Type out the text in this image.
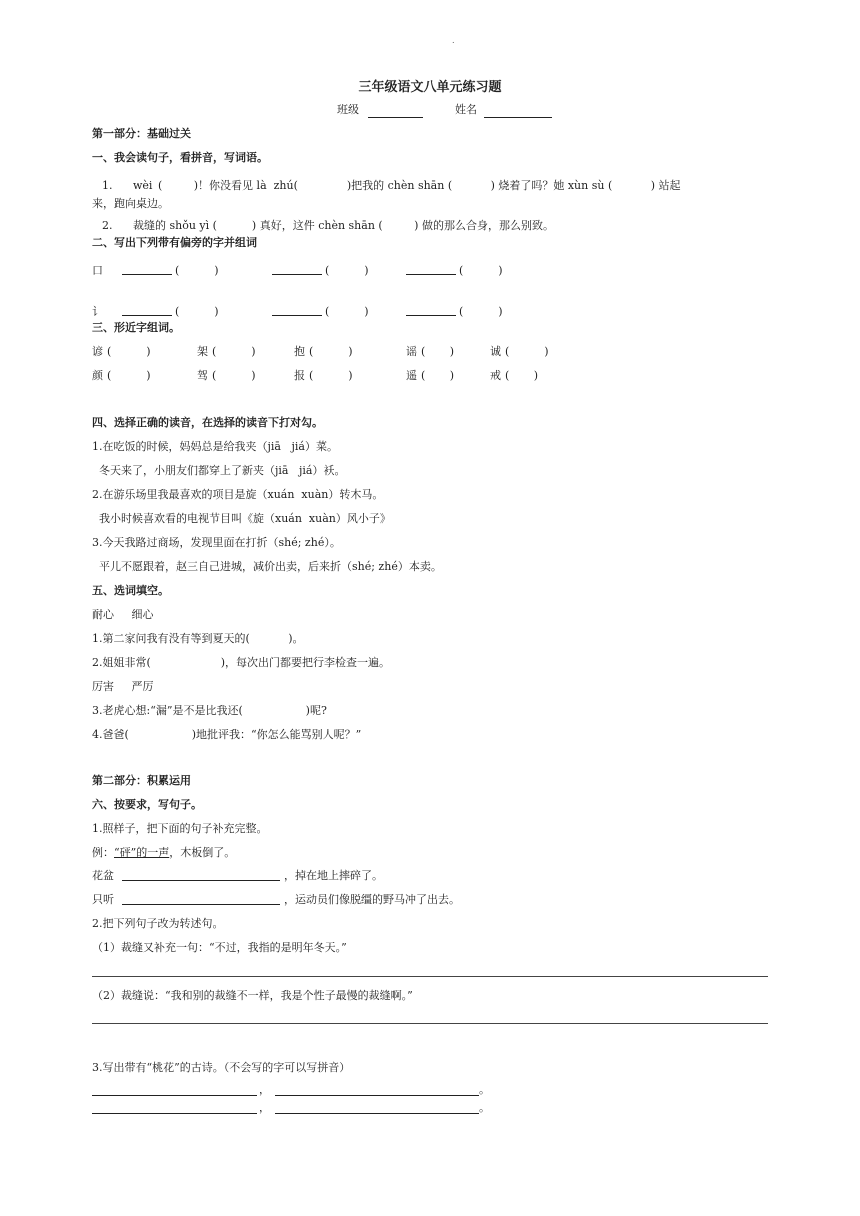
.
三年级语文八单元练习题
班级	姓名
第一部分：基础过关
一、我会读句子，看拼音，写词语。
1. wèi (         )！你没看见 là  zhú(              )把我的 chèn shān (           ) 烧着了吗？她 xùn sù (           ) 站起
来，跑向桌边。
2. 裁缝的 shǒu yì (          ) 真好，这件 chèn shān (         ) 做的那么合身，那么别致。
二、写出下列带有偏旁的字并组词
口	(          )	(          )	(          )
讠	(          )	(          )	(          )
三、形近字组词。
谚 (          )	架 (          )	抱 (          )	谣 (       )	诚 (          )
颜 (          )	驾 (          )	报 (          )	遥 (       )	戒 (       )
四、选择正确的读音，在选择的读音下打对勾。
1.在吃饭的时候，妈妈总是给我夹（jiā   jiá）菜。
冬天来了，小朋友们都穿上了新夹（jiā   jiá）袄。
2.在游乐场里我最喜欢的项目是旋（xuán  xuàn）转木马。
我小时候喜欢看的电视节目叫《旋（xuán  xuàn）风小子》
3.今天我路过商场，发现里面在打折（shé; zhé）。
平儿不愿跟着，赵三自己进城，减价出卖，后来折（shé; zhé）本卖。
五、选词填空。
耐心     细心
1.第二家问我有没有等到夏天的(           )。
2.姐姐非常(                    )，每次出门都要把行李检查一遍。
厉害     严厉
3.老虎心想:“漏”是不是比我还(                  )呢?
4.爸爸(                  )地批评我：“你怎么能骂别人呢？”
第二部分：积累运用
六、按要求，写句子。
1.照样子，把下面的句子补充完整。
例：“砰”的一声，木板倒了。
花盆	，掉在地上摔碎了。
只听	，运动员们像脱缰的野马冲了出去。
2.把下列句子改为转述句。
（1）裁缝又补充一句：“不过，我指的是明年冬天。”
（2）裁缝说：“我和别的裁缝不一样，我是个性子最慢的裁缝啊。”
3.写出带有“桃花”的古诗。（不会写的字可以写拼音）
，	。
，	。
